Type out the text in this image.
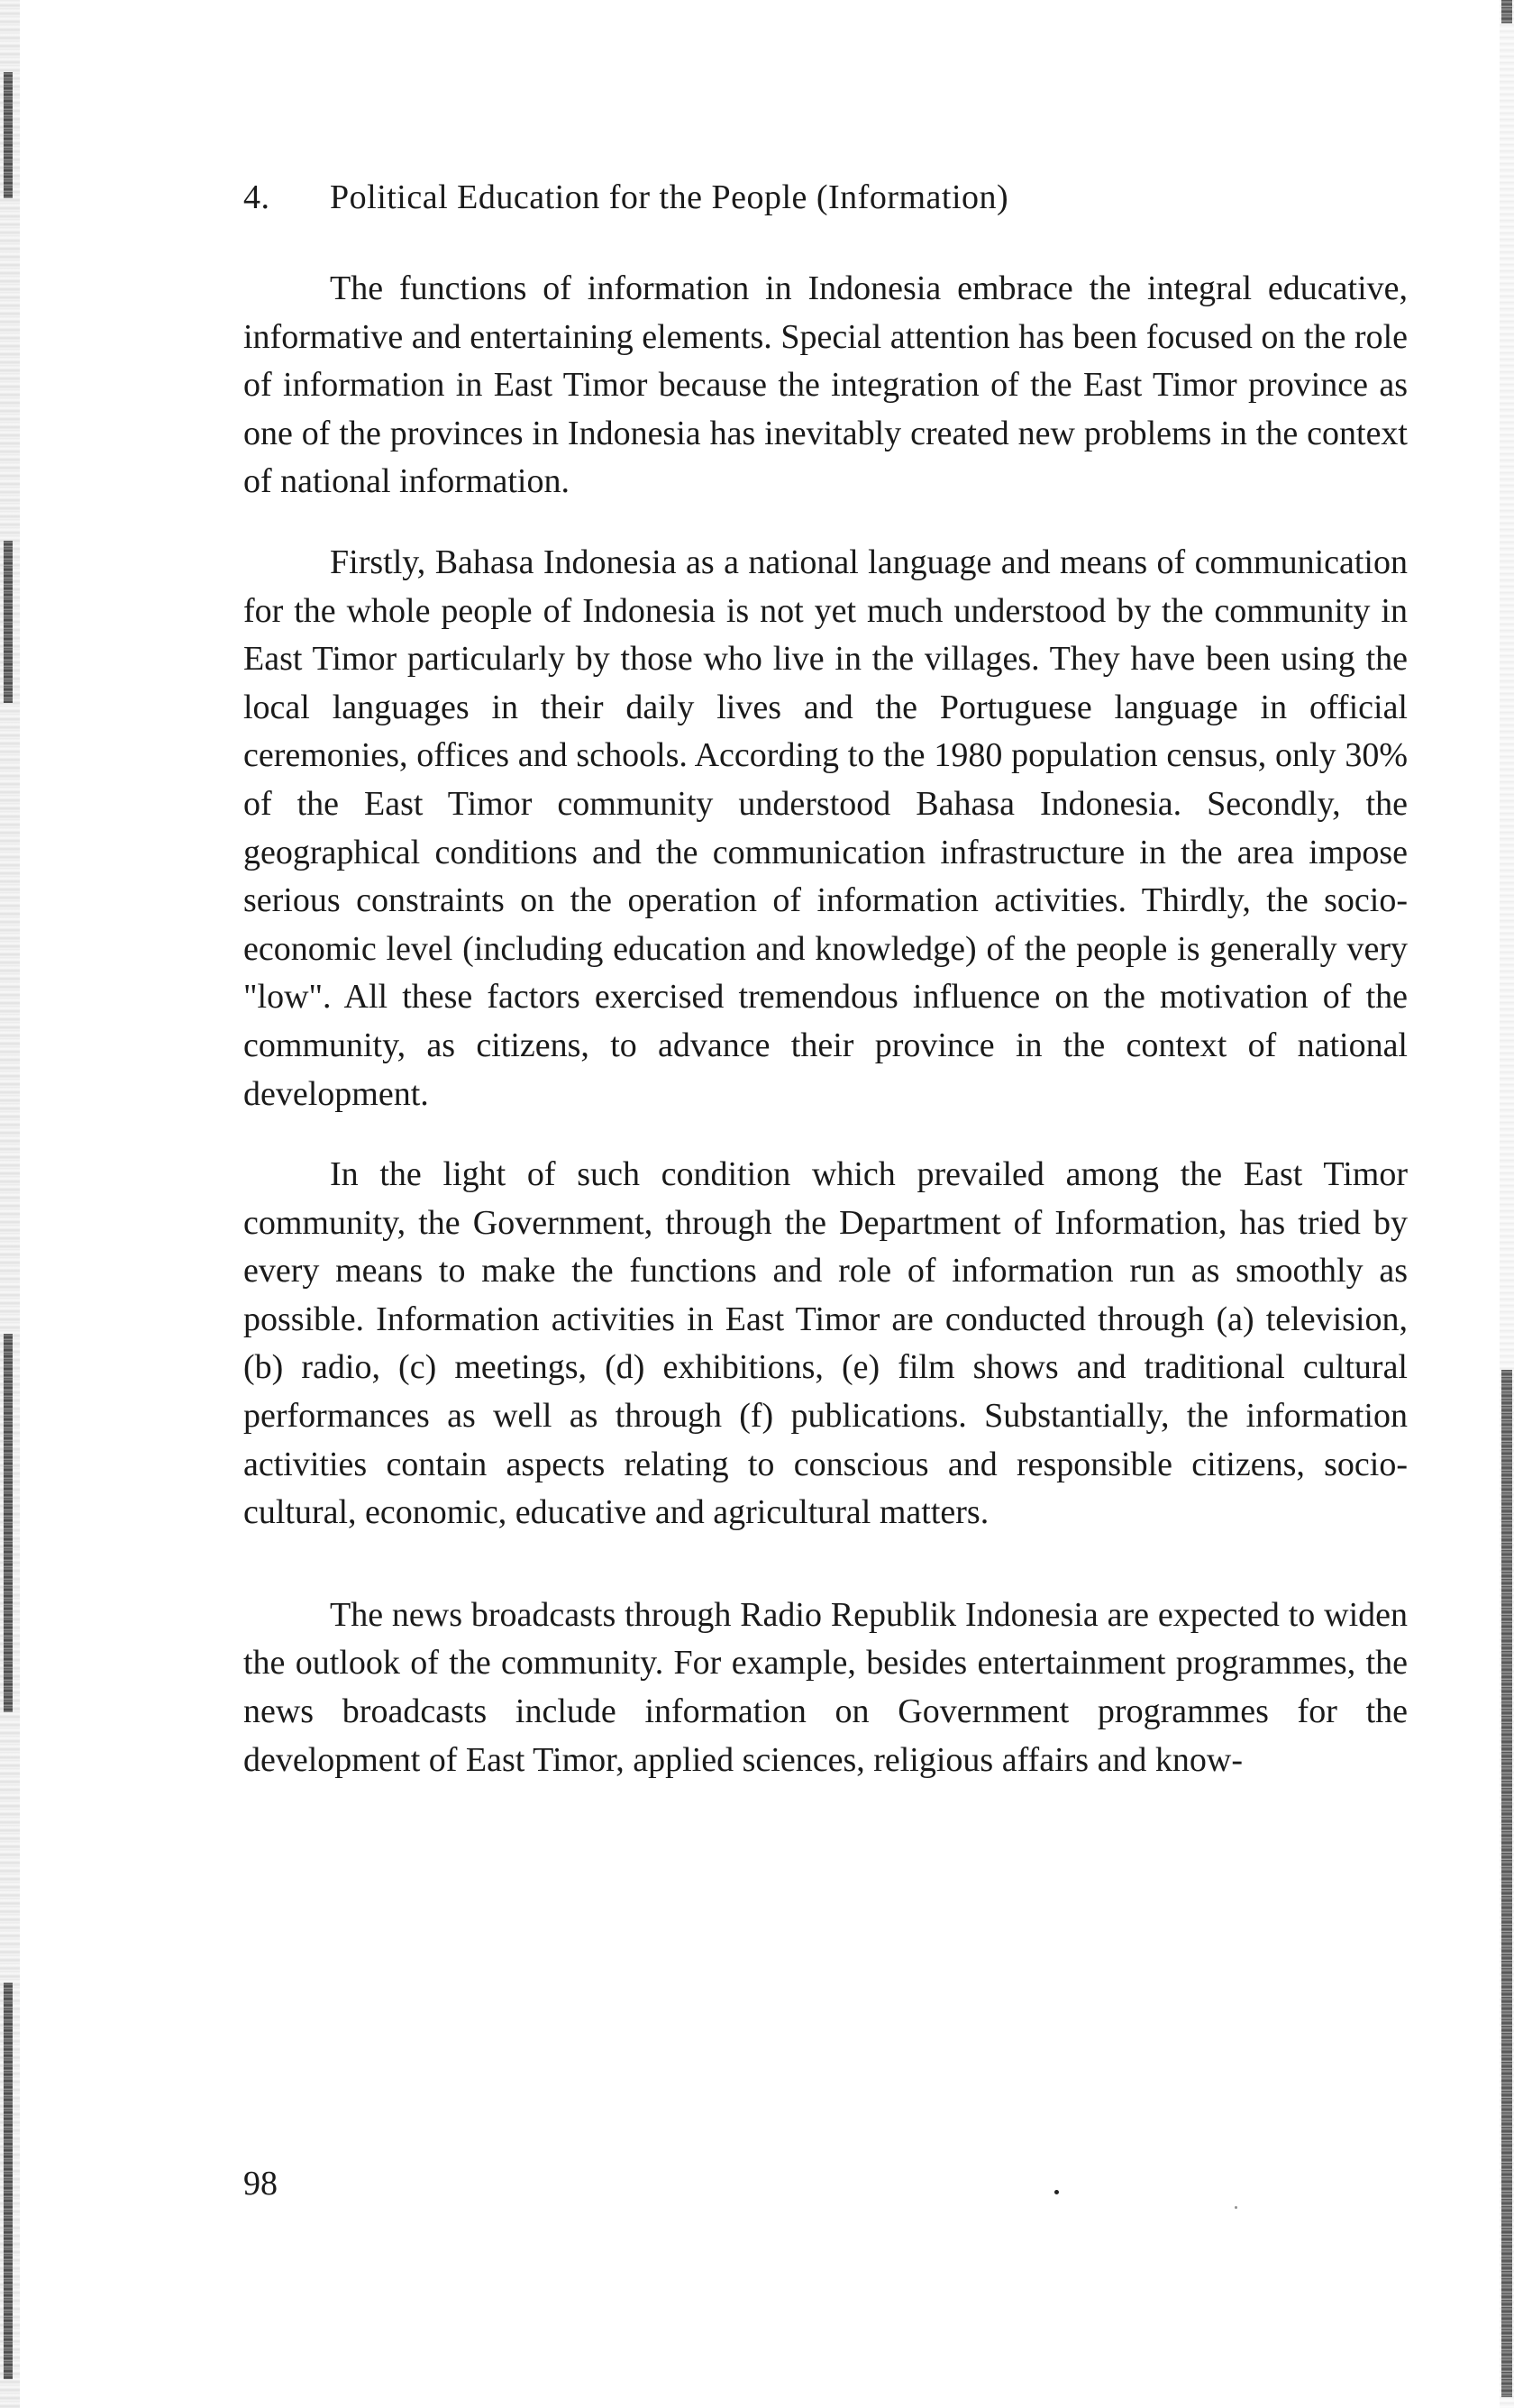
4. Political Education for the People (Information)

The functions of information in Indonesia embrace the integral educative, informative and entertaining elements. Special attention has been focused on the role of information in East Timor because the integration of the East Timor province as one of the provinces in Indonesia has inevitably created new problems in the context of national information.

Firstly, Bahasa Indonesia as a national language and means of communication for the whole people of Indonesia is not yet much understood by the community in East Timor particularly by those who live in the villages. They have been using the local languages in their daily lives and the Portuguese language in official ceremonies, offices and schools. According to the 1980 population census, only 30% of the East Timor community understood Bahasa Indonesia. Secondly, the geographical conditions and the communication infrastructure in the area impose serious constraints on the operation of information activities. Thirdly, the socio-economic level (including education and knowledge) of the people is generally very "low". All these factors exercised tremendous influence on the motivation of the community, as citizens, to advance their province in the context of national development.

In the light of such condition which prevailed among the East Timor community, the Government, through the Department of Information, has tried by every means to make the functions and role of information run as smoothly as possible. Information activities in East Timor are conducted through (a) television, (b) radio, (c) meetings, (d) exhibitions, (e) film shows and traditional cultural performances as well as through (f) publications. Substantially, the information activities contain aspects relating to conscious and responsible citizens, socio-cultural, economic, educative and agricultural matters.

The news broadcasts through Radio Republik Indonesia are expected to widen the outlook of the community. For example, besides entertainment programmes, the news broadcasts include information on Government programmes for the development of East Timor, applied sciences, religious affairs and know-

98
